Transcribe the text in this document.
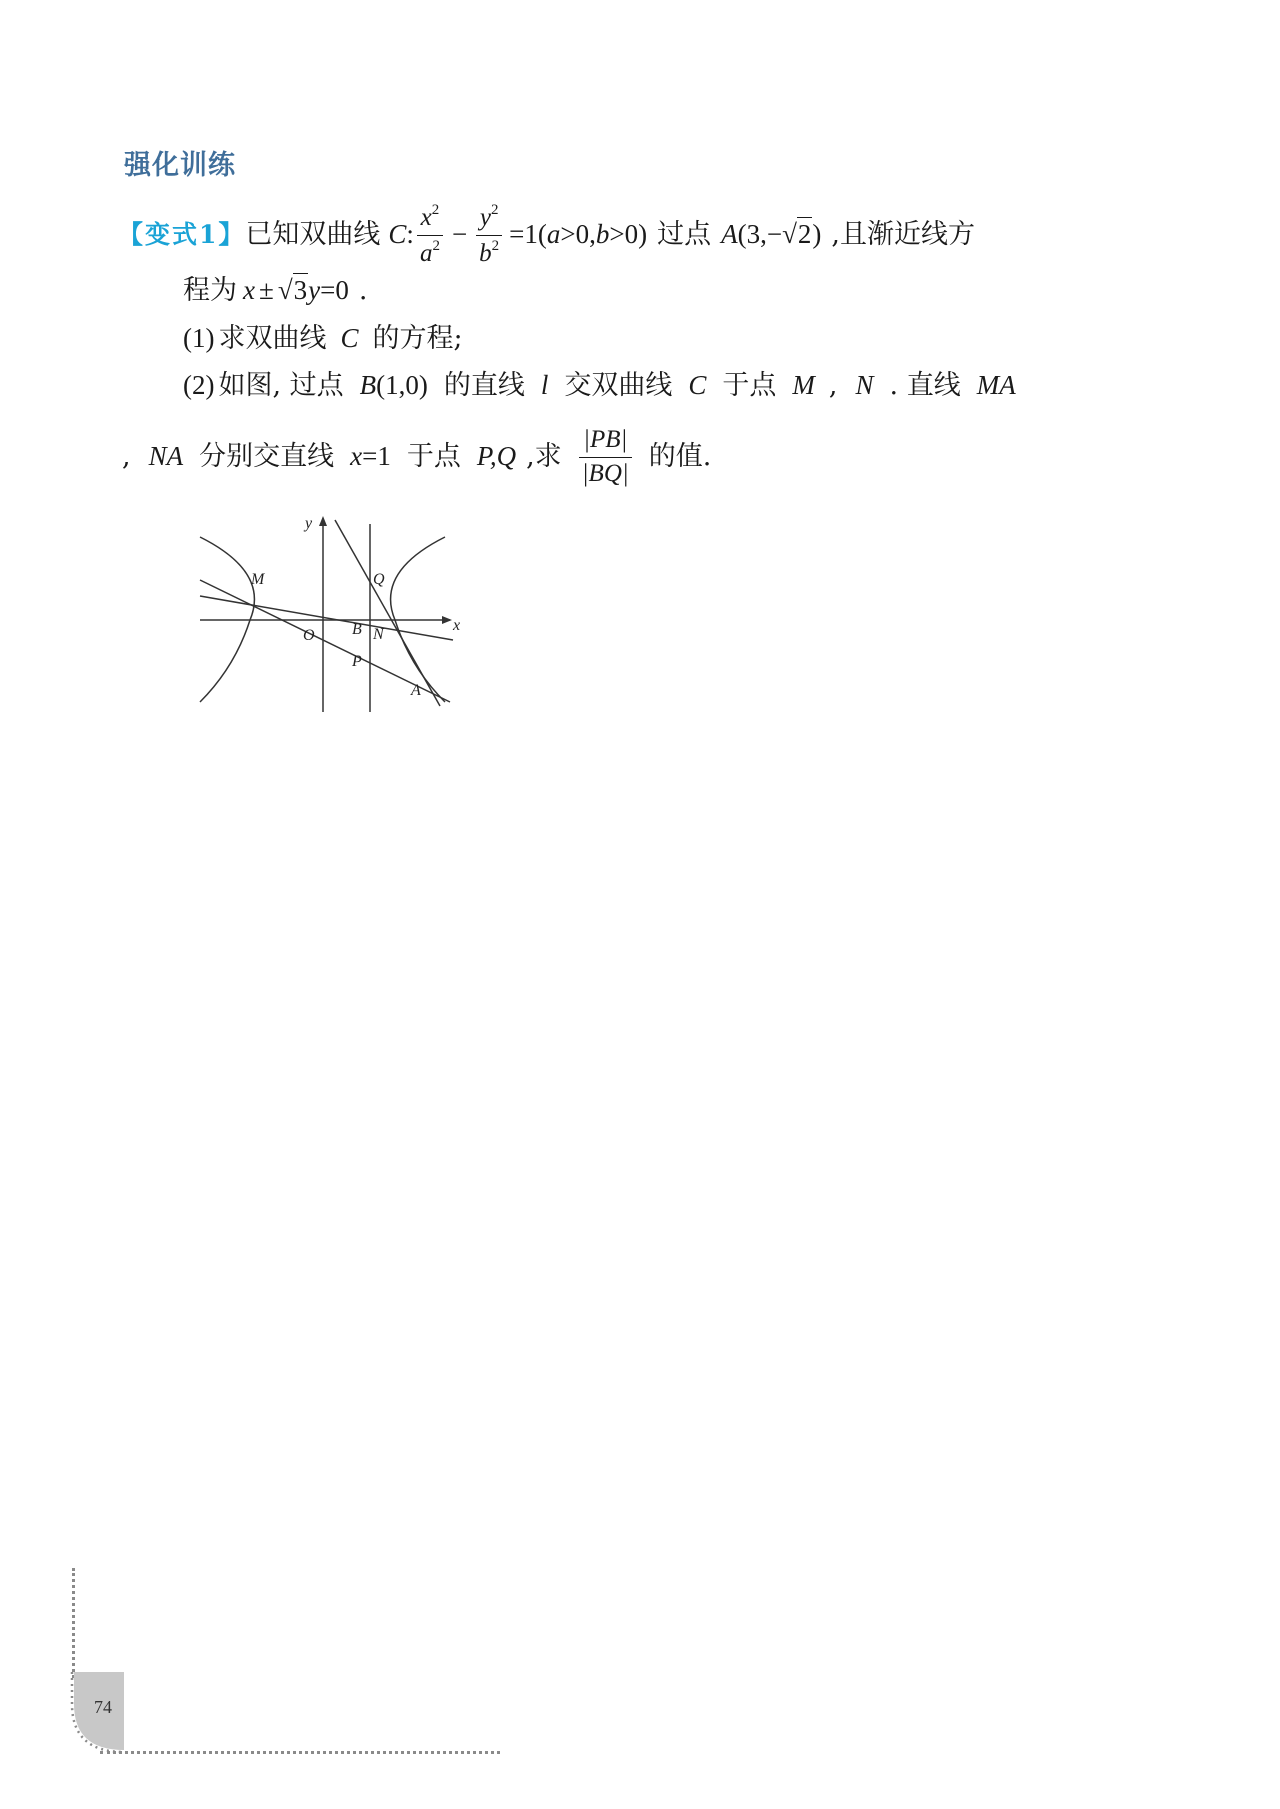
强化训练
【变式1】已知双曲线 C: $\frac{x^2}{a^2} - \frac{y^2}{b^2} =1(a>0,b>0)$ 过点 A(3,−√2) ,且渐近线方
程为 x ± √3y=0 .
(1) 求双曲线 C 的方程;
(2) 如图, 过点 B(1,0) 的直线 l 交双曲线 C 于点 M , N . 直线 MA
, NA 分别交直线 x=1 于点 P,Q ,求 $\frac{|PB|}{|BQ|}$ 的值.
y
x
M	Q
O B N
P
A
74
